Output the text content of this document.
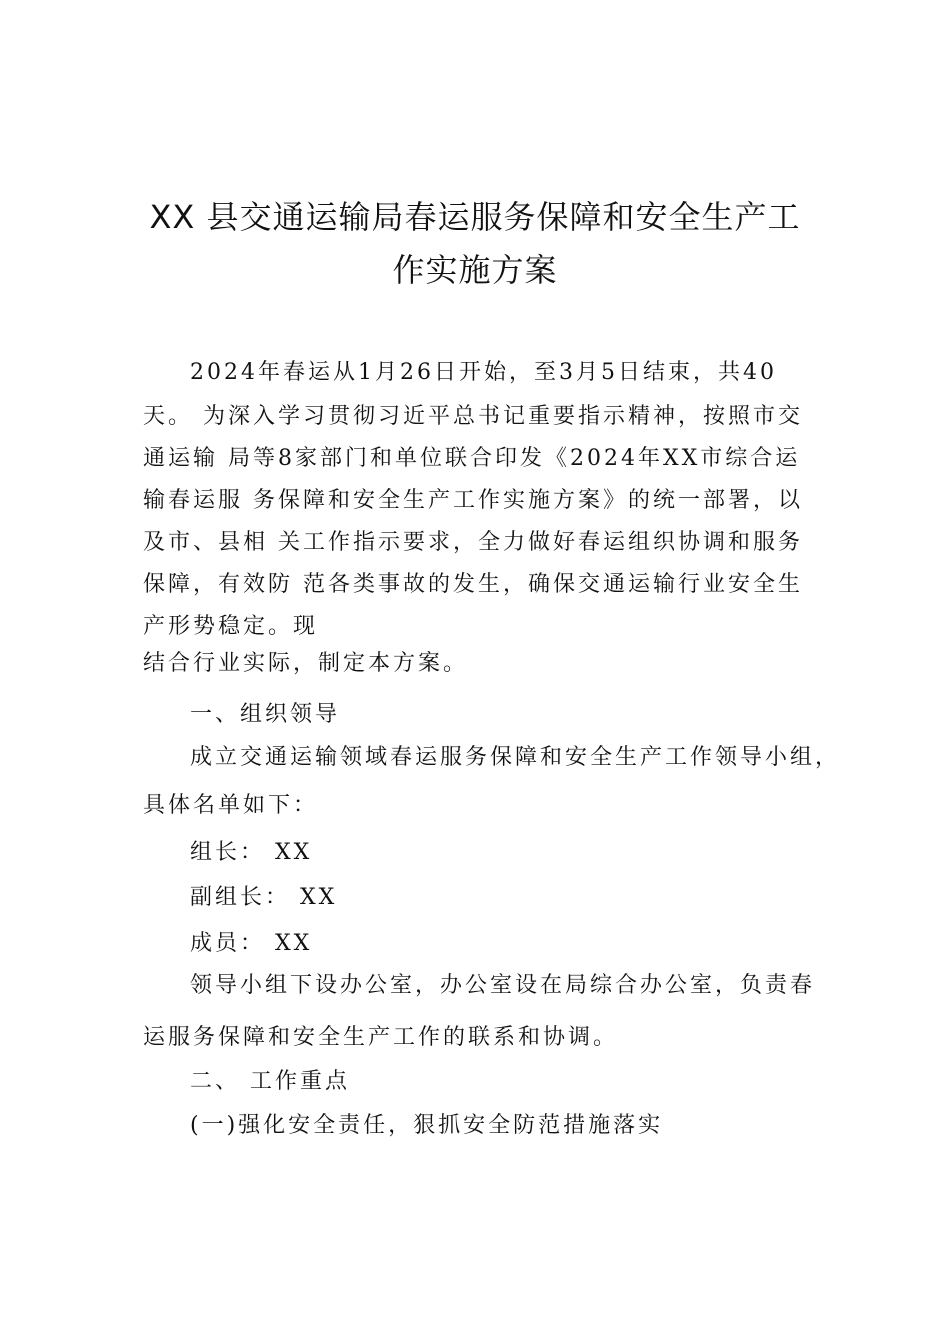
XX 县交通运输局春运服务保障和安全生产工
作实施方案
2024年春运从1月26日开始，至3月5日结束，共40
天。 为深入学习贯彻习近平总书记重要指示精神，按照市交
通运输 局等8家部门和单位联合印发《2024年XX市综合运
输春运服 务保障和安全生产工作实施方案》的统一部署，以
及市、县相 关工作指示要求，全力做好春运组织协调和服务
保障，有效防 范各类事故的发生，确保交通运输行业安全生
产形势稳定。现
结合行业实际，制定本方案。
一、组织领导
成立交通运输领域春运服务保障和安全生产工作领导小组，
具体名单如下：
组长： XX
副组长： XX
成员： XX
领导小组下设办公室，办公室设在局综合办公室，负责春
运服务保障和安全生产工作的联系和协调。
二、 工作重点
(一)强化安全责任，狠抓安全防范措施落实
